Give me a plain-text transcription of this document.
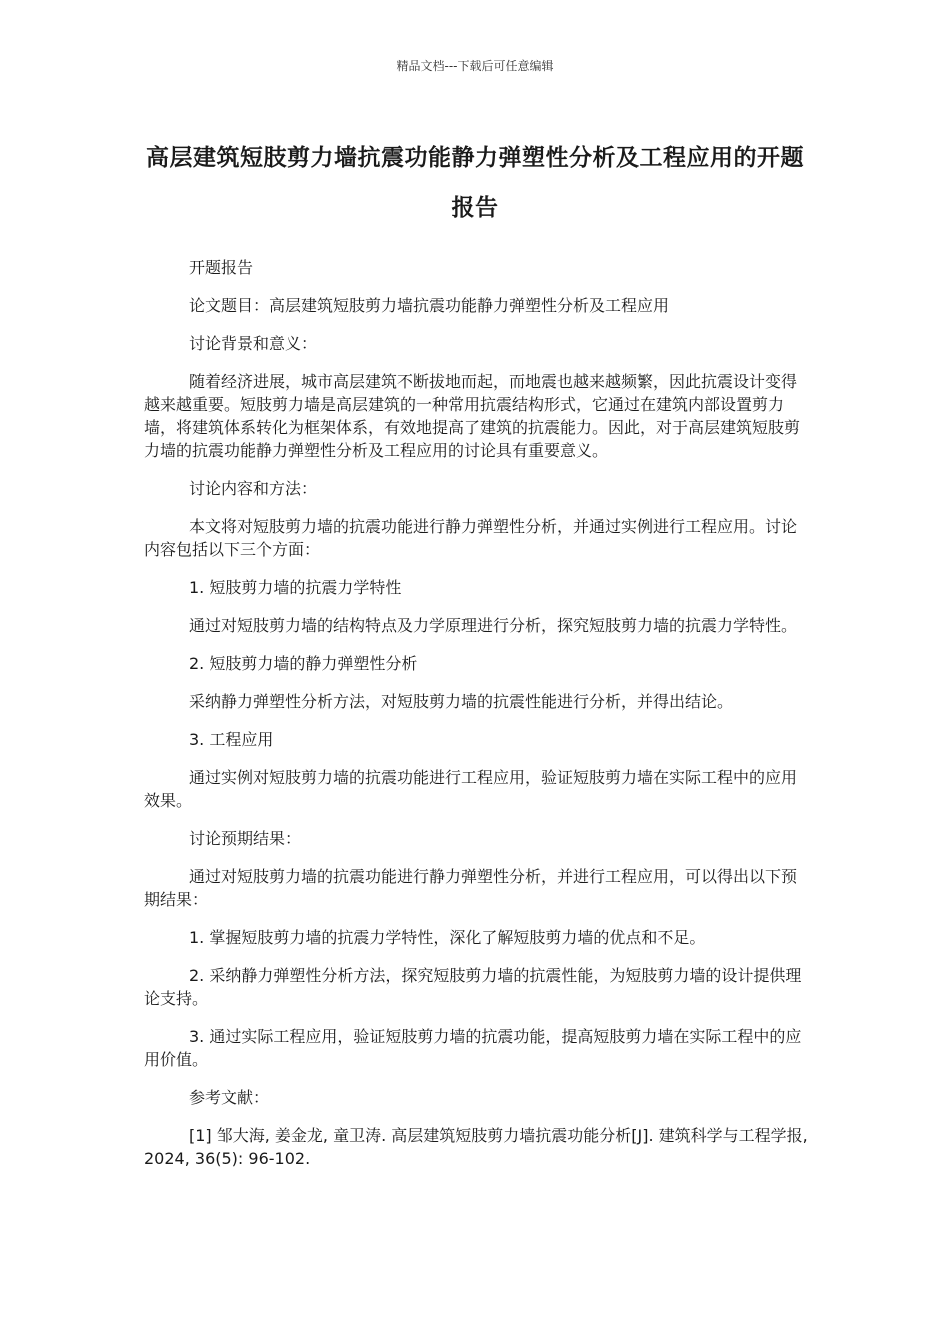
精品文档---下载后可任意编辑
高层建筑短肢剪力墙抗震功能静力弹塑性分析及工程应用的开题报告

开题报告

论文题目：高层建筑短肢剪力墙抗震功能静力弹塑性分析及工程应用

讨论背景和意义：

随着经济进展，城市高层建筑不断拔地而起，而地震也越来越频繁，因此抗震设计变得越来越重要。短肢剪力墙是高层建筑的一种常用抗震结构形式，它通过在建筑内部设置剪力墙，将建筑体系转化为框架体系，有效地提高了建筑的抗震能力。因此，对于高层建筑短肢剪力墙的抗震功能静力弹塑性分析及工程应用的讨论具有重要意义。

讨论内容和方法：

本文将对短肢剪力墙的抗震功能进行静力弹塑性分析，并通过实例进行工程应用。讨论内容包括以下三个方面：

1. 短肢剪力墙的抗震力学特性

通过对短肢剪力墙的结构特点及力学原理进行分析，探究短肢剪力墙的抗震力学特性。

2. 短肢剪力墙的静力弹塑性分析

采纳静力弹塑性分析方法，对短肢剪力墙的抗震性能进行分析，并得出结论。

3. 工程应用

通过实例对短肢剪力墙的抗震功能进行工程应用，验证短肢剪力墙在实际工程中的应用效果。

讨论预期结果：

通过对短肢剪力墙的抗震功能进行静力弹塑性分析，并进行工程应用，可以得出以下预期结果：

1. 掌握短肢剪力墙的抗震力学特性，深化了解短肢剪力墙的优点和不足。

2. 采纳静力弹塑性分析方法，探究短肢剪力墙的抗震性能，为短肢剪力墙的设计提供理论支持。

3. 通过实际工程应用，验证短肢剪力墙的抗震功能，提高短肢剪力墙在实际工程中的应用价值。

参考文献：

[1] 邹大海, 姜金龙, 童卫涛. 高层建筑短肢剪力墙抗震功能分析[J]. 建筑科学与工程学报, 2024, 36(5): 96-102.
